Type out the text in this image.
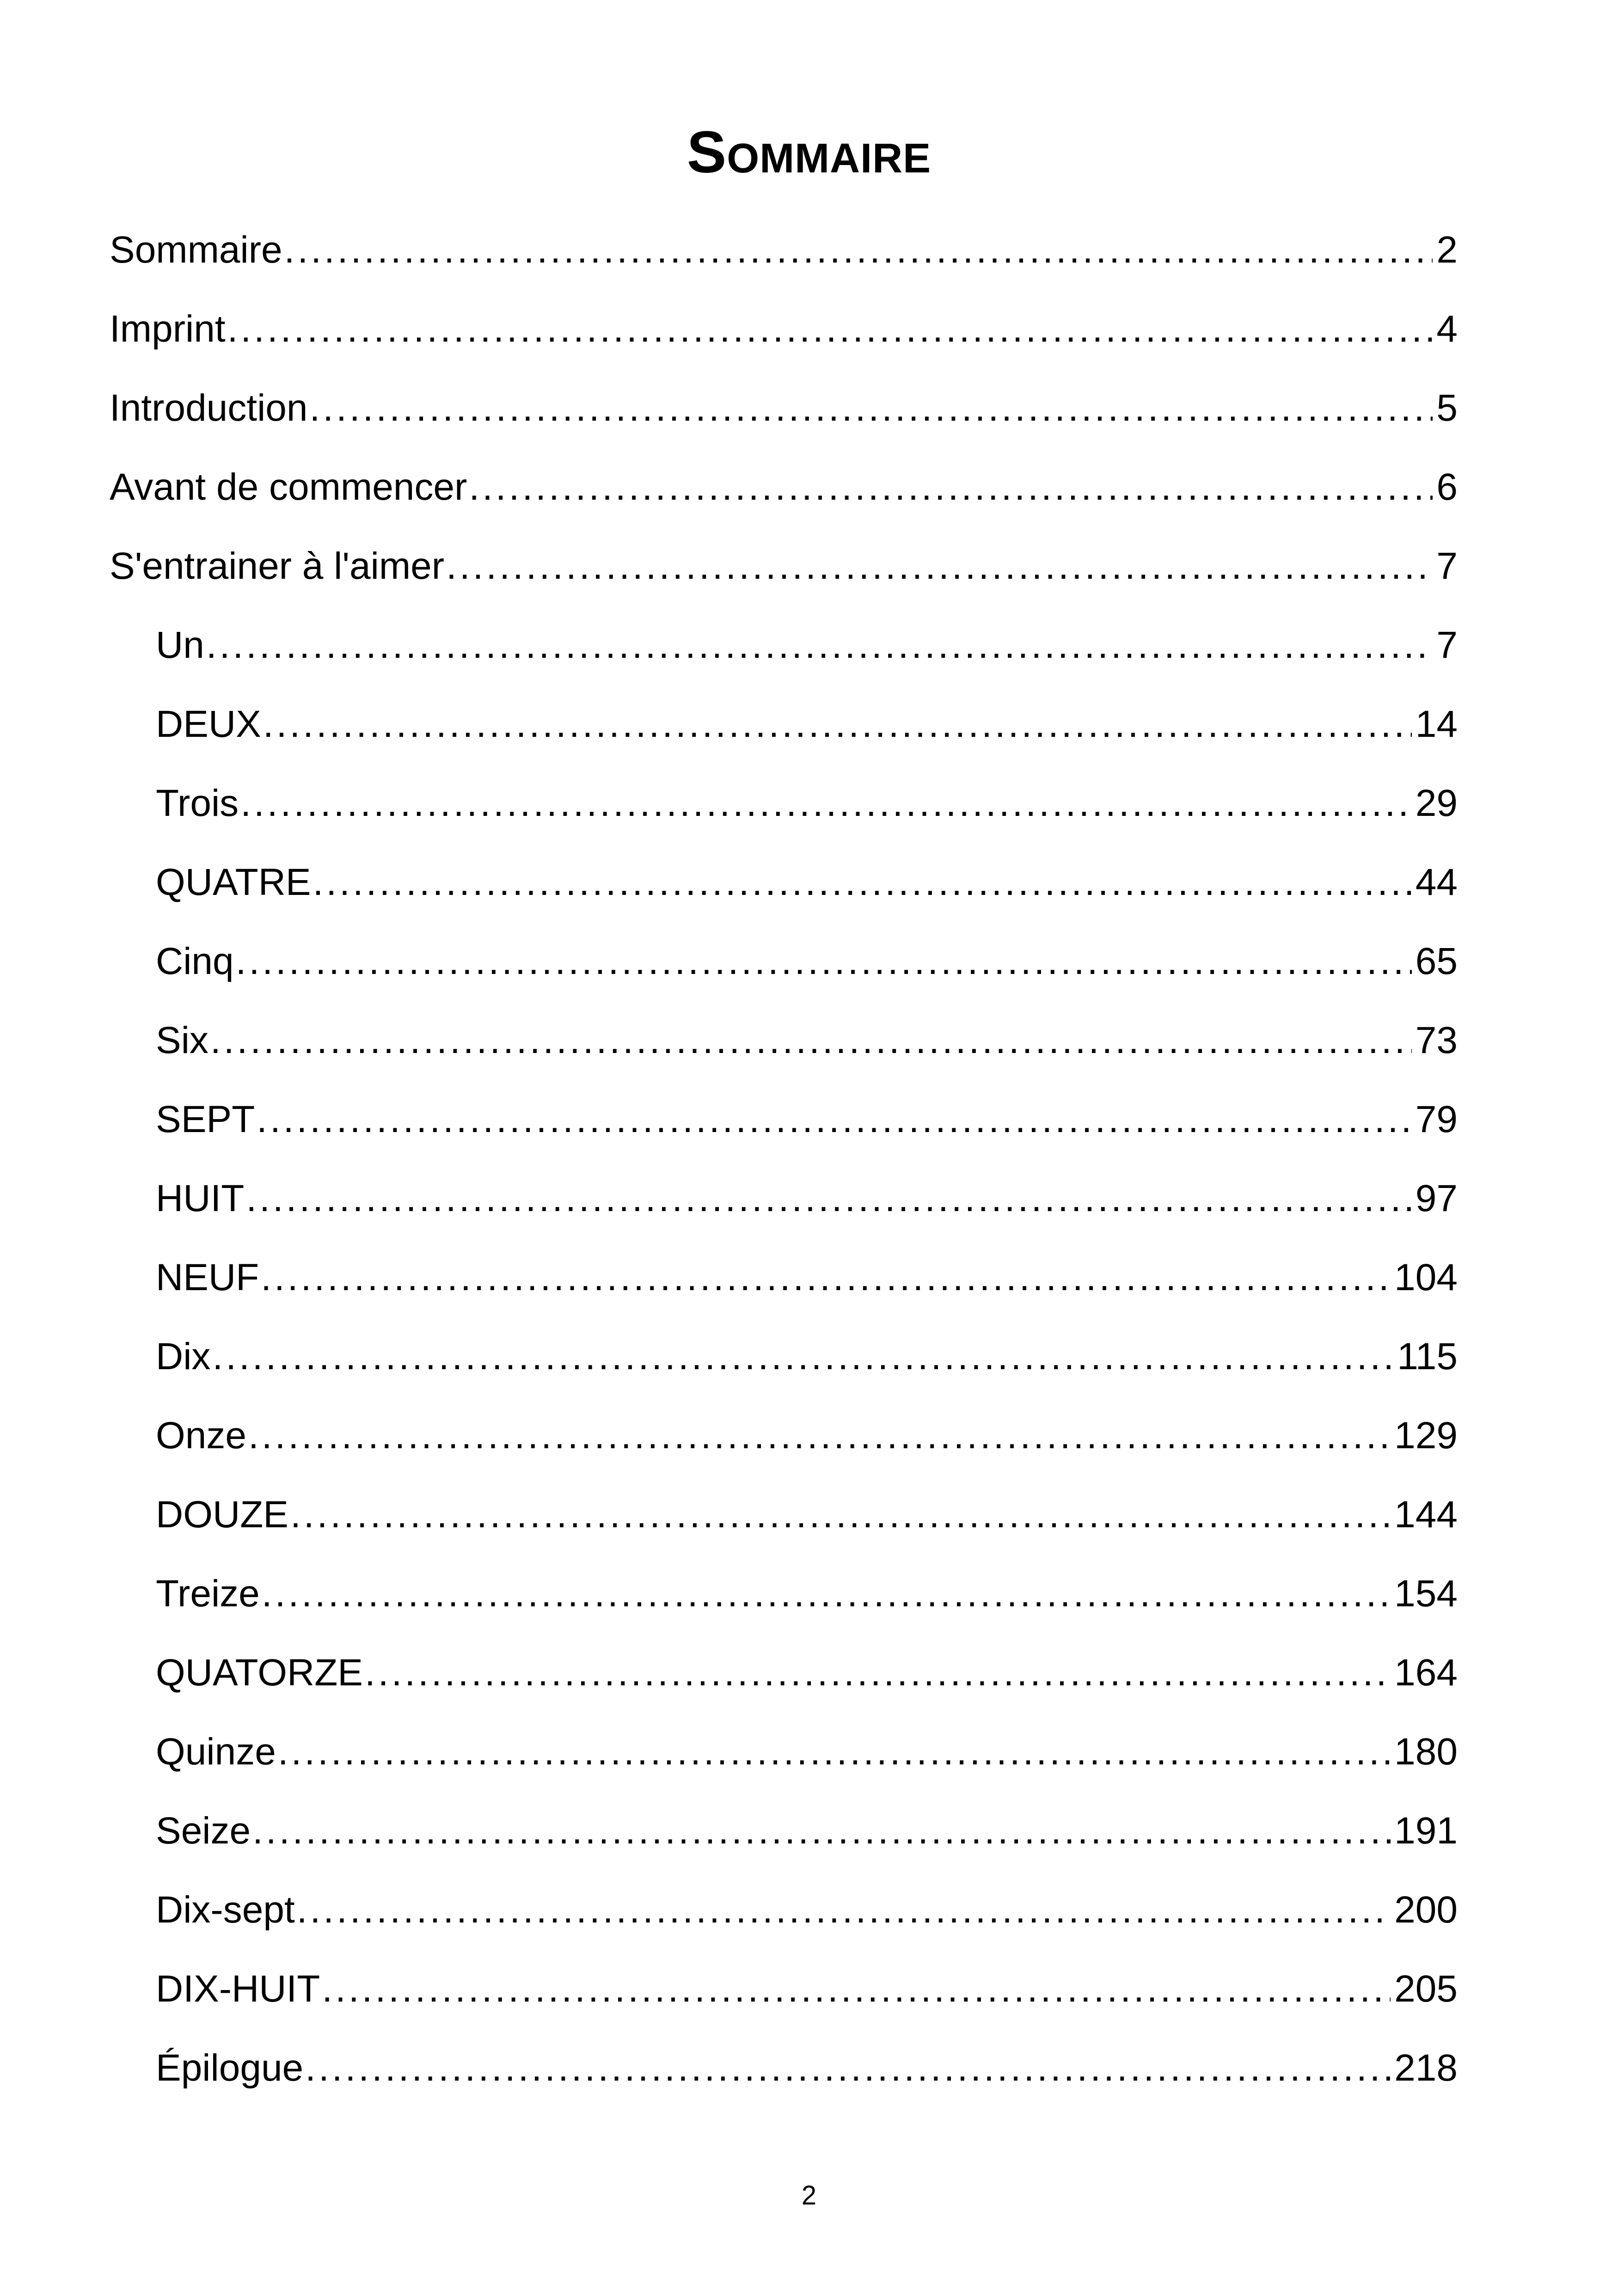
Sommaire
Sommaire .....	2
Imprint .....	4
Introduction .....	5
Avant de commencer .....	6
S'entrainer à l'aimer .....	7
Un .....	7
DEUX .....	14
Trois .....	29
QUATRE .....	44
Cinq .....	65
Six .....	73
SEPT .....	79
HUIT .....	97
NEUF .....	104
Dix .....	115
Onze .....	129
DOUZE .....	144
Treize .....	154
QUATORZE .....	164
Quinze .....	180
Seize .....	191
Dix-sept .....	200
DIX-HUIT .....	205
Épilogue .....	218
2
